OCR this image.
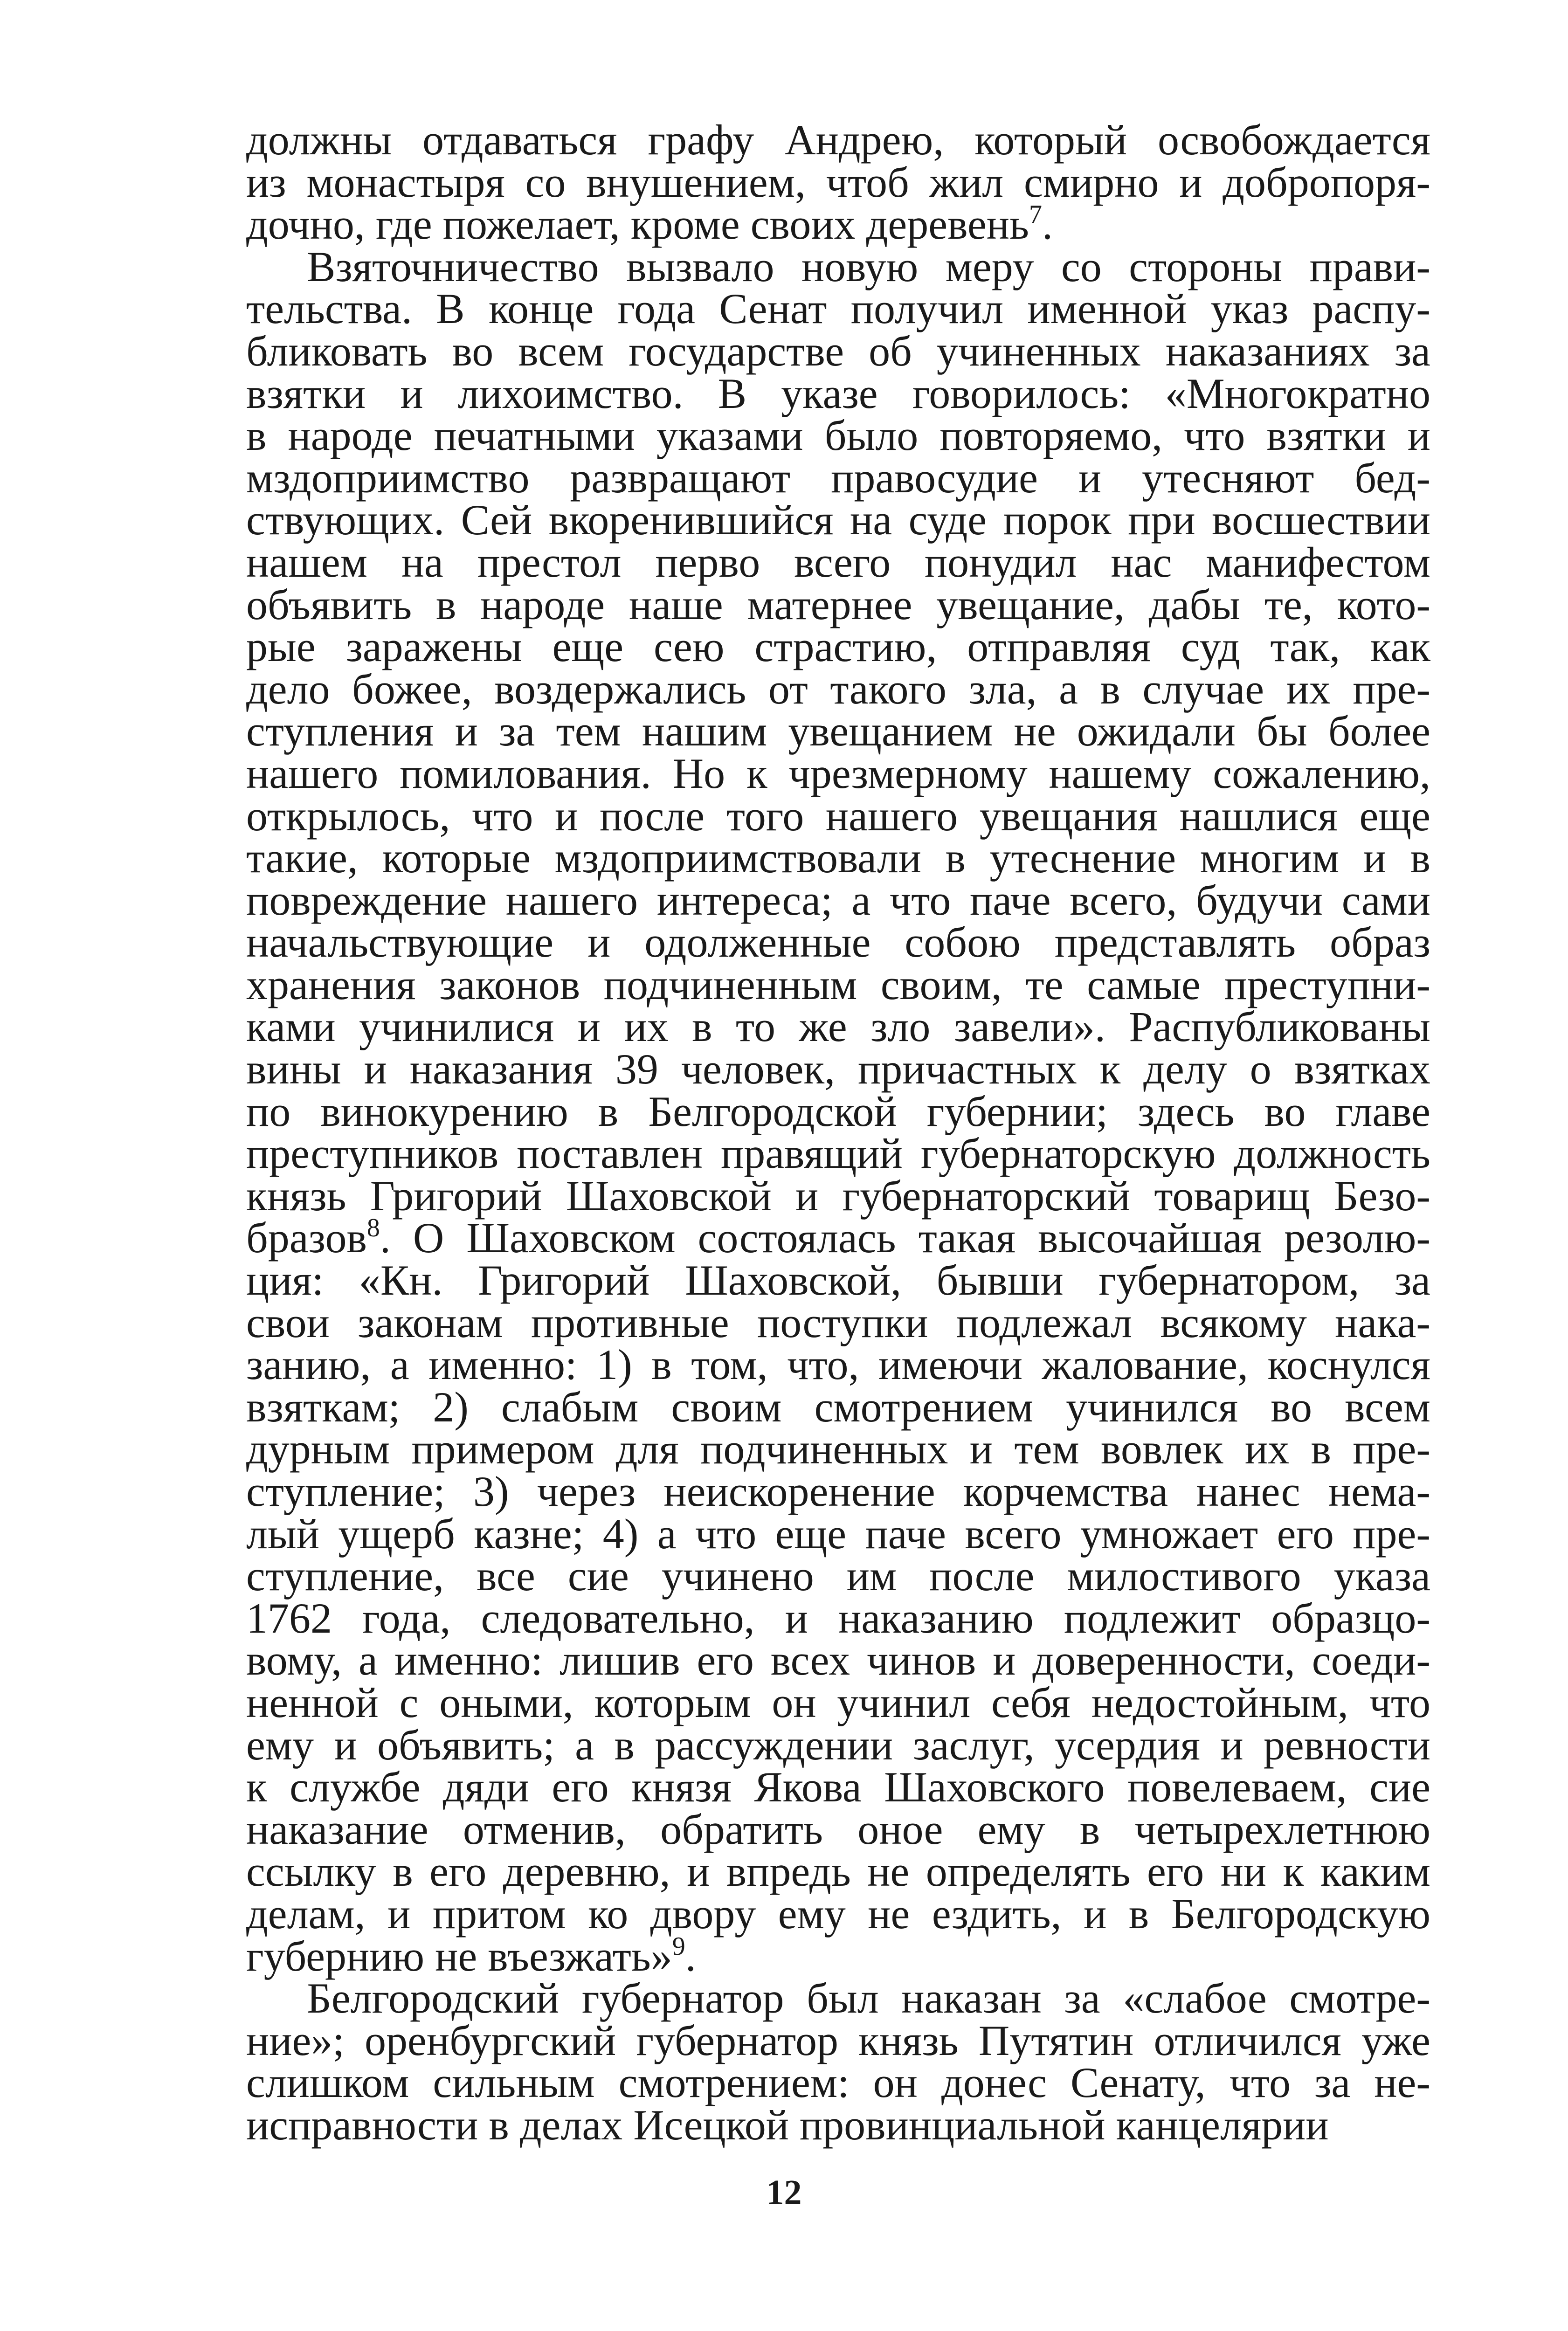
должны отдаваться графу Андрею, который освобождается
из монастыря со внушением, чтоб жил смирно и добропоря-
дочно, где пожелает, кроме своих деревень$^7$.
Взяточничество вызвало новую меру со стороны прави-
тельства. В конце года Сенат получил именной указ распу-
бликовать во всем государстве об учиненных наказаниях за
взятки и лихоимство. В указе говорилось: «Многократно
в народе печатными указами было повторяемо, что взятки и
мздоприимство развращают правосудие и утесняют бед-
ствующих. Сей вкоренившийся на суде порок при восшествии
нашем на престол перво всего понудил нас манифестом
объявить в народе наше матернее увещание, дабы те, кото-
рые заражены еще сею страстию, отправляя суд так, как
дело божее, воздержались от такого зла, а в случае их пре-
ступления и за тем нашим увещанием не ожидали бы более
нашего помилования. Но к чрезмерному нашему сожалению,
открылось, что и после того нашего увещания нашлися еще
такие, которые мздоприимствовали в утеснение многим и в
повреждение нашего интереса; а что паче всего, будучи сами
начальствующие и одолженные собою представлять образ
хранения законов подчиненным своим, те самые преступни-
ками учинилися и их в то же зло завели». Распубликованы
вины и наказания 39 человек, причастных к делу о взятках
по винокурению в Белгородской губернии; здесь во главе
преступников поставлен правящий губернаторскую должность
князь Григорий Шаховской и губернаторский товарищ Безо-
бразов$^8$. О Шаховском состоялась такая высочайшая резолю-
ция: «Кн. Григорий Шаховской, бывши губернатором, за
свои законам противные поступки подлежал всякому нака-
занию, а именно: 1) в том, что, имеючи жалование, коснулся
взяткам; 2) слабым своим смотрением учинился во всем
дурным примером для подчиненных и тем вовлек их в пре-
ступление; 3) через неискоренение корчемства нанес нема-
лый ущерб казне; 4) а что еще паче всего умножает его пре-
ступление, все сие учинено им после милостивого указа
1762 года, следовательно, и наказанию подлежит образцо-
вому, а именно: лишив его всех чинов и доверенности, соеди-
ненной с оными, которым он учинил себя недостойным, что
ему и объявить; а в рассуждении заслуг, усердия и ревности
к службе дяди его князя Якова Шаховского повелеваем, сие
наказание отменив, обратить оное ему в четырехлетнюю
ссылку в его деревню, и впредь не определять его ни к каким
делам, и притом ко двору ему не ездить, и в Белгородскую
губернию не въезжать»$^9$.
Белгородский губернатор был наказан за «слабое смотре-
ние»; оренбургский губернатор князь Путятин отличился уже
слишком сильным смотрением: он донес Сенату, что за не-
исправности в делах Исецкой провинциальной канцелярии
12
